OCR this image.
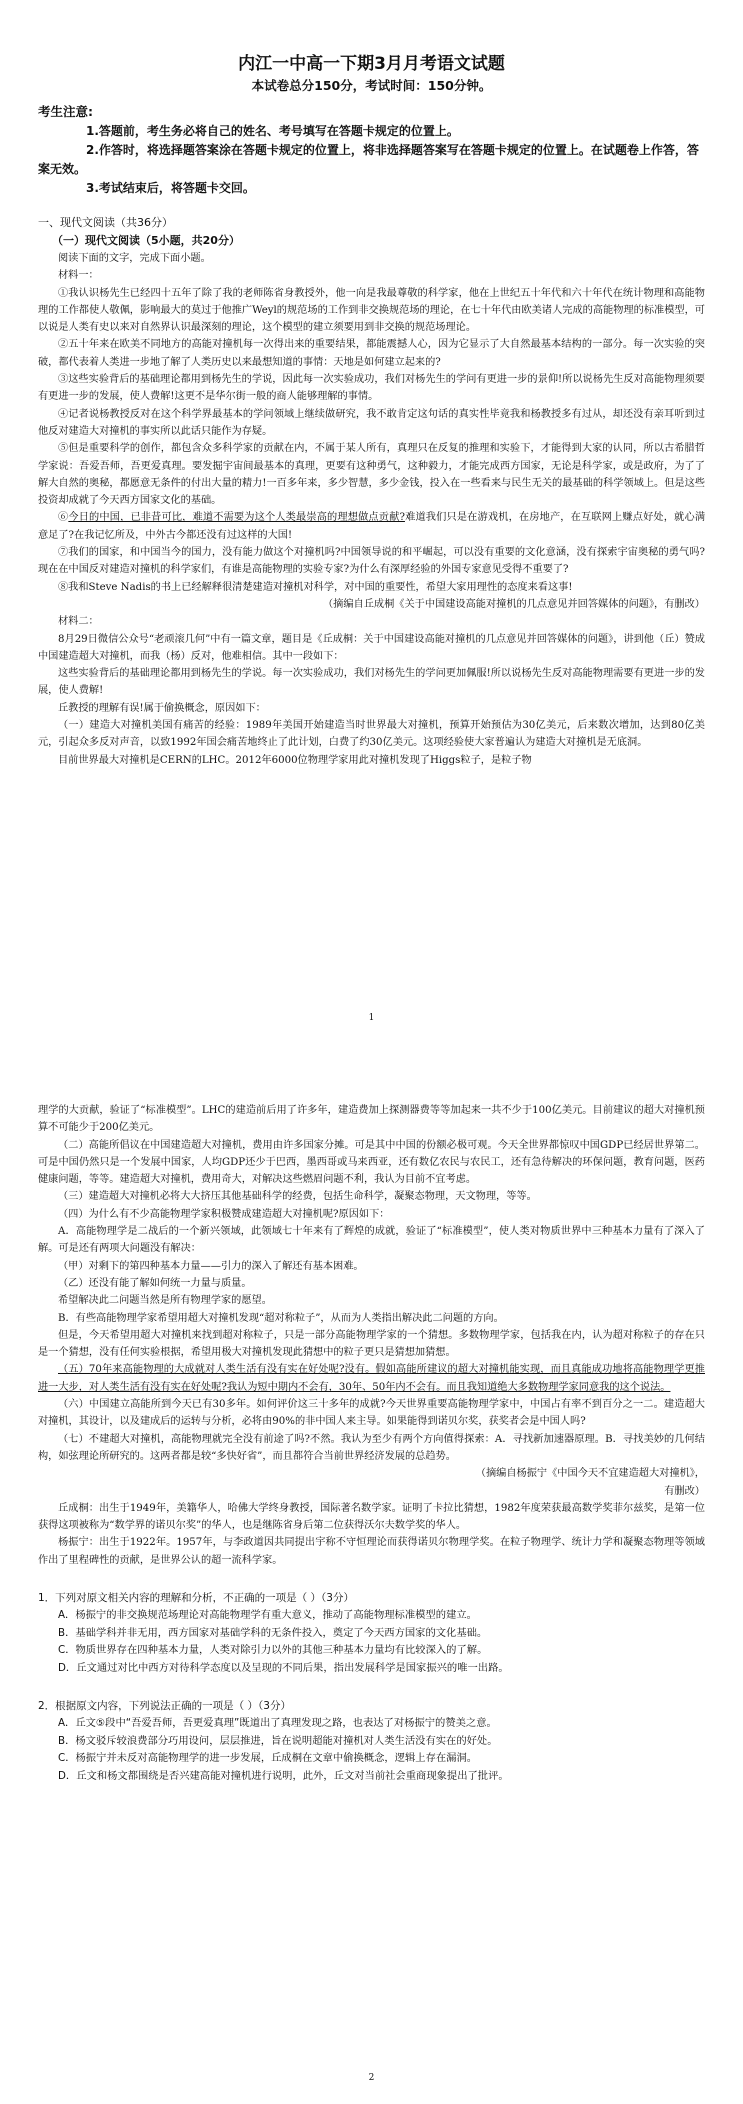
内江一中高一下期3月月考语文试题

本试卷总分150分，考试时间：150分钟。

考生注意:

1.答题前，考生务必将自己的姓名、考号填写在答题卡规定的位置上。

2.作答时，将选择题答案涂在答题卡规定的位置上，将非选择题答案写在答题卡规定的位置上。在试题卷上作答，答案无效。

3.考试结束后，将答题卡交回。

一、现代文阅读（共36分）

（一）现代文阅读（5小题，共20分）

阅读下面的文字，完成下面小题。

材料一：

①我认识杨先生已经四十五年了除了我的老师陈省身教授外，他一向是我最尊敬的科学家，他在上世纪五十年代和六十年代在统计物理和高能物理的工作都使人敬佩，影响最大的莫过于他推广Weyl的规范场的工作到非交换规范场的理论，在七十年代由欧美诸人完成的高能物理的标准模型，可以说是人类有史以来对自然界认识最深刻的理论，这个模型的建立须要用到非交换的规范场理论。

②五十年来在欧美不同地方的高能对撞机每一次得出来的重要结果，都能震撼人心，因为它显示了大自然最基本结构的一部分。每一次实验的突破，都代表着人类进一步地了解了人类历史以来最想知道的事情：天地是如何建立起来的?

③这些实验背后的基础理论都用到杨先生的学说，因此每一次实验成功，我们对杨先生的学问有更进一步的景仰!所以说杨先生反对高能物理须要有更进一步的发展，使人费解!这更不是华尔街一般的商人能够理解的事情。

④记者说杨教授反对在这个科学界最基本的学问领域上继续做研究，我不敢肯定这句话的真实性毕竟我和杨教授多有过从，却还没有亲耳听到过他反对建造大对撞机的事实所以此话只能作为存疑。

⑤但是重要科学的创作，都包含众多科学家的贡献在内，不属于某人所有，真理只在反复的推理和实验下，才能得到大家的认同，所以古希腊哲学家说：吾爱吾师，吾更爱真理。要发掘宇宙间最基本的真理，更要有这种勇气，这种毅力，才能完成西方国家，无论是科学家，或是政府，为了了解大自然的奥秘，都愿意无条件的付出大量的精力!一百多年来，多少智慧，多少金钱，投入在一些看来与民生无关的最基础的科学领域上。但是这些投资却成就了今天西方国家文化的基础。

⑥今日的中国，已非昔可比，难道不需要为这个人类最崇高的理想做点贡献?难道我们只是在游戏机，在房地产，在互联网上赚点好处，就心满意足了?在我记忆所及，中外古今都还没有过这样的大国!

⑦我们的国家，和中国当今的国力，没有能力做这个对撞机吗?中国领导说的和平崛起，可以没有重要的文化意涵，没有探索宇宙奥秘的勇气吗?现在在中国反对建造对撞机的科学家们，有谁是高能物理的实验专家?为什么有深厚经验的外国专家意见受得不重要了?

⑧我和Steve Nadis的书上已经解释很清楚建造对撞机对科学，对中国的重要性，希望大家用理性的态度来看这事!

（摘编自丘成桐《关于中国建设高能对撞机的几点意见并回答媒体的问题》，有删改）

材料二：

8月29日微信公众号“老顽滚几何”中有一篇文章，题目是《丘成桐：关于中国建设高能对撞机的几点意见并回答媒体的问题》，讲到他（丘）赞成中国建造超大对撞机，而我（杨）反对，他难相信。其中一段如下：

这些实验背后的基础理论都用到杨先生的学说。每一次实验成功，我们对杨先生的学问更加佩服!所以说杨先生反对高能物理需要有更进一步的发展，使人费解!

丘教授的理解有误!属于偷换概念，原因如下：

（一）建造大对撞机美国有痛苦的经验：1989年美国开始建造当时世界最大对撞机，预算开始预估为30亿美元，后来数次增加，达到80亿美元，引起众多反对声音，以致1992年国会痛苦地终止了此计划，白费了约30亿美元。这项经验使大家普遍认为建造大对撞机是无底洞。

目前世界最大对撞机是CERN的LHC。2012年6000位物理学家用此对撞机发现了Higgs粒子，是粒子物

1

理学的大贡献，验证了“标准模型”。LHC的建造前后用了许多年，建造费加上探测器费等等加起来一共不少于100亿美元。目前建议的超大对撞机预算不可能少于200亿美元。

（二）高能所倡议在中国建造超大对撞机，费用由许多国家分摊。可是其中中国的份额必极可观。今天全世界都惊叹中国GDP已经居世界第二。可是中国仍然只是一个发展中国家，人均GDP还少于巴西，墨西哥或马来西亚，还有数亿农民与农民工，还有急待解决的环保问题，教育问题，医药健康问题，等等。建造超大对撞机，费用奇大，对解决这些燃眉问题不利，我认为目前不宜考虑。

（三）建造超大对撞机必将大大挤压其他基础科学的经费，包括生命科学，凝聚态物理，天文物理，等等。

（四）为什么有不少高能物理学家积极赞成建造超大对撞机呢?原因如下：

A．高能物理学是二战后的一个新兴领域，此领域七十年来有了辉煌的成就，验证了“标准模型”，使人类对物质世界中三种基本力量有了深入了解。可是还有两项大问题没有解决：

（甲）对剩下的第四种基本力量——引力的深入了解还有基本困难。

（乙）还没有能了解如何统一力量与质量。

希望解决此二问题当然是所有物理学家的愿望。

B．有些高能物理学家希望用超大对撞机发现“超对称粒子”，从而为人类指出解决此二问题的方向。

但是，今天希望用超大对撞机来找到超对称粒子，只是一部分高能物理学家的一个猜想。多数物理学家，包括我在内，认为超对称粒子的存在只是一个猜想，没有任何实验根据，希望用极大对撞机发现此猜想中的粒子更只是猜想加猜想。

（五）70年来高能物理的大成就对人类生活有没有实在好处呢?没有。假如高能所建议的超大对撞机能实现，而且真能成功地将高能物理学更推进一大步，对人类生活有没有实在好处呢?我认为短中期内不会有，30年、50年内不会有。而且我知道绝大多数物理学家同意我的这个说法。

（六）中国建立高能所到今天已有30多年。如何评价这三十多年的成就?今天世界重要高能物理学家中，中国占有率不到百分之一二。建造超大对撞机，其设计，以及建成后的运转与分析，必将由90%的非中国人来主导。如果能得到诺贝尔奖，获奖者会是中国人吗?

（七）不建超大对撞机，高能物理就完全没有前途了吗?不然。我认为至少有两个方向值得探索：A．寻找新加速器原理。B．寻找美妙的几何结构，如弦理论所研究的。这两者都是较“多快好省”，而且都符合当前世界经济发展的总趋势。

（摘编自杨振宁《中国今天不宜建造超大对撞机》，

有删改）

丘成桐：出生于1949年，美籍华人，哈佛大学终身教授，国际著名数学家。证明了卡拉比猜想，1982年度荣获最高数学奖菲尔兹奖，是第一位获得这项被称为“数学界的诺贝尔奖”的华人，也是继陈省身后第二位获得沃尔夫数学奖的华人。

杨振宁：出生于1922年。1957年，与李政道因共同提出宇称不守恒理论而获得诺贝尔物理学奖。在粒子物理学、统计力学和凝聚态物理等领域作出了里程碑性的贡献，是世界公认的超一流科学家。

1．下列对原文相关内容的理解和分析，不正确的一项是（ ）（3分）

A．杨振宁的非交换规范场理论对高能物理学有重大意义，推动了高能物理标准模型的建立。

B．基础学科并非无用，西方国家对基础学科的无条件投入，奠定了今天西方国家的文化基础。

C．物质世界存在四种基本力量，人类对除引力以外的其他三种基本力量均有比较深入的了解。

D．丘文通过对比中西方对待科学态度以及呈现的不同后果，指出发展科学是国家振兴的唯一出路。

2．根据原文内容，下列说法正确的一项是（ ）（3分）

A．丘文⑤段中“吾爱吾师，吾更爱真理”既道出了真理发现之路，也表达了对杨振宁的赞美之意。

B．杨文驳斥较浪费部分巧用设问，层层推进，旨在说明超能对撞机对人类生活没有实在的好处。

C．杨振宁并未反对高能物理学的进一步发展，丘成桐在文章中偷换概念，逻辑上存在漏洞。

D．丘文和杨文都围绕是否兴建高能对撞机进行说明，此外，丘文对当前社会重商现象提出了批评。

2
